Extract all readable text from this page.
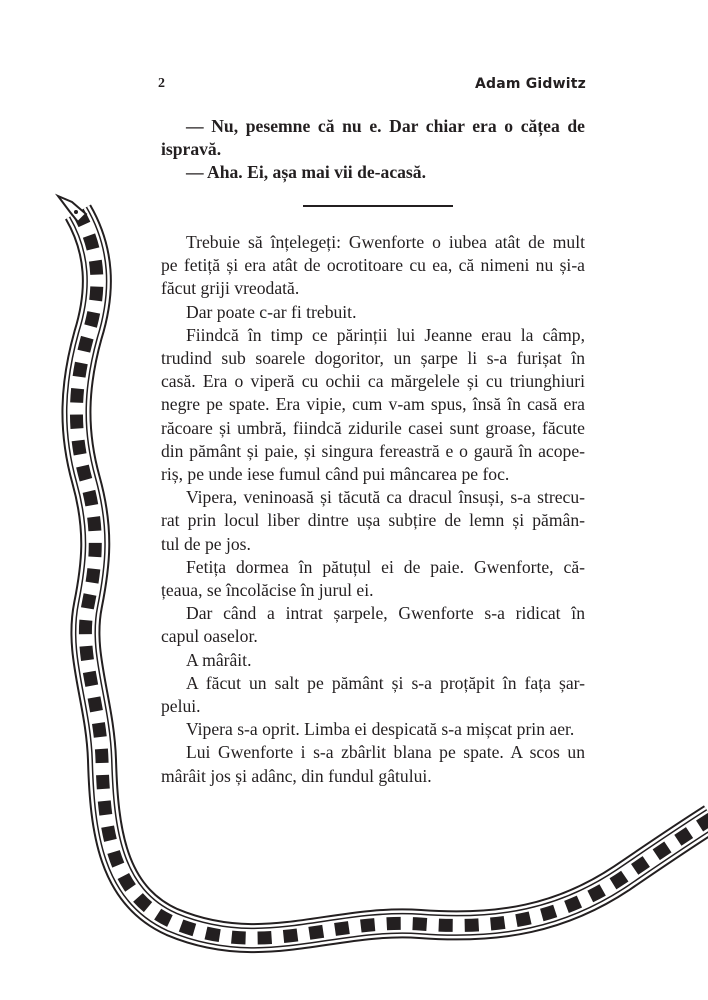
2	Adam Gidwitz
— Nu, pesemne că nu e. Dar chiar era o cățea de
ispravă.
— Aha. Ei, așa mai vii de-acasă.
Trebuie să înțelegeți: Gwenforte o iubea atât de mult
pe fetiță și era atât de ocrotitoare cu ea, că nimeni nu și-a
făcut griji vreodată.
Dar poate c-ar fi trebuit.
Fiindcă în timp ce părinții lui Jeanne erau la câmp,
trudind sub soarele dogoritor, un șarpe li s-a furișat în
casă. Era o viperă cu ochii ca mărgelele și cu triunghiuri
negre pe spate. Era vipie, cum v-am spus, însă în casă era
răcoare și umbră, fiindcă zidurile casei sunt groase, făcute
din pământ și paie, și singura fereastră e o gaură în acope-
riș, pe unde iese fumul când pui mâncarea pe foc.
Vipera, veninoasă și tăcută ca dracul însuși, s-a strecu-
rat prin locul liber dintre ușa subțire de lemn și pămân-
tul de pe jos.
Fetița dormea în pătuțul ei de paie. Gwenforte, că-
țeaua, se încolăcise în jurul ei.
Dar când a intrat șarpele, Gwenforte s-a ridicat în
capul oaselor.
A mârâit.
A făcut un salt pe pământ și s-a proțăpit în fața șar-
pelui.
Vipera s-a oprit. Limba ei despicată s-a mișcat prin aer.
Lui Gwenforte i s-a zbârlit blana pe spate. A scos un
mârâit jos și adânc, din fundul gâtului.
